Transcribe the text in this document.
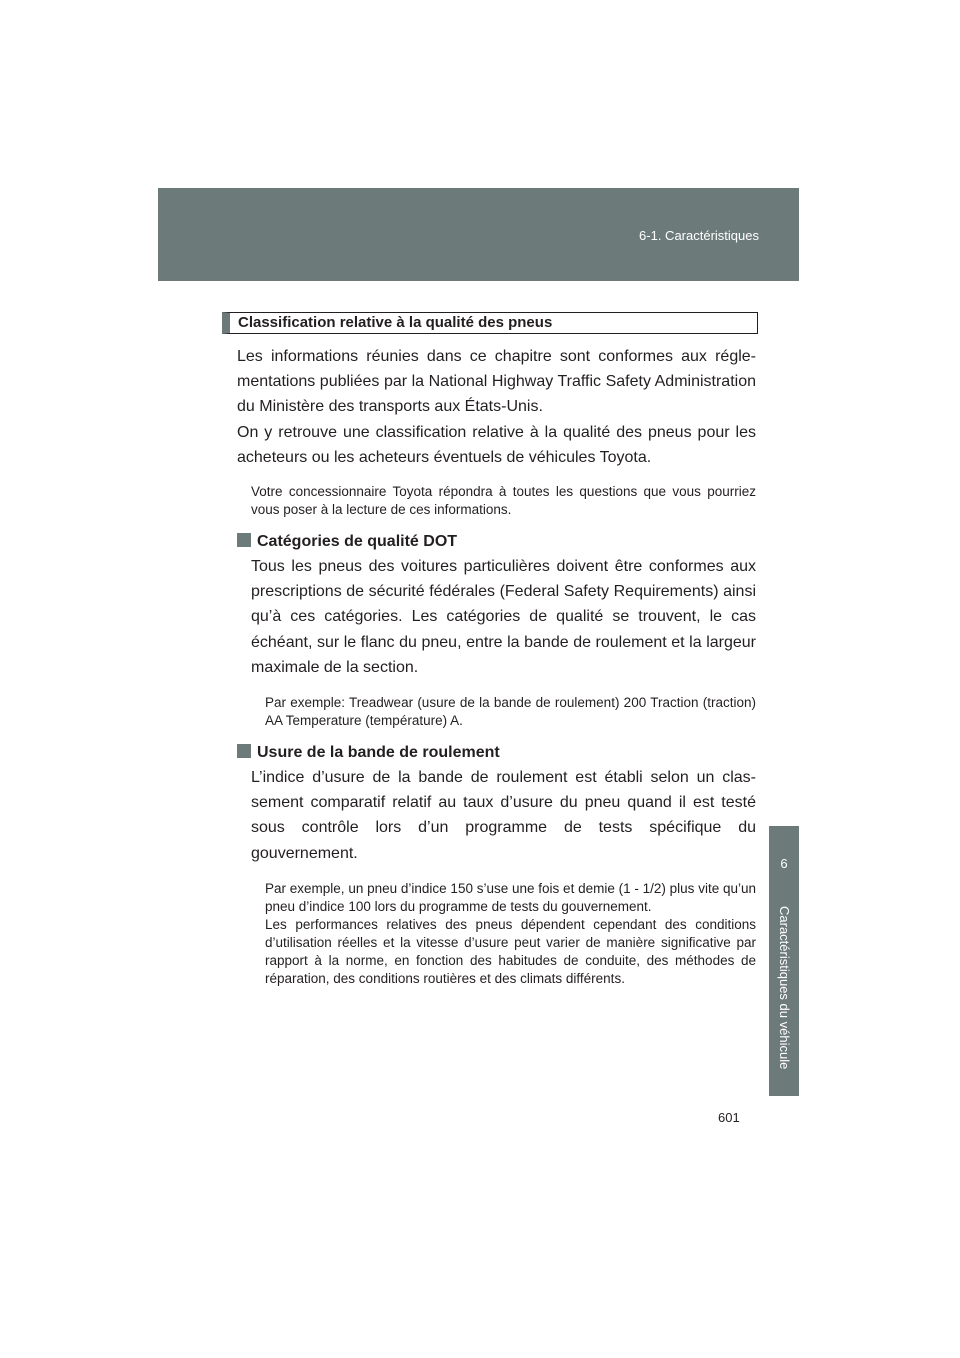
6-1. Caractéristiques

6
Caractéristiques du véhicule
Classification relative à la qualité des pneus

Les informations réunies dans ce chapitre sont conformes aux réglementations publiées par la National Highway Traffic Safety Administration du Ministère des transports aux États-Unis.

On y retrouve une classification relative à la qualité des pneus pour les acheteurs ou les acheteurs éventuels de véhicules Toyota.

Votre concessionnaire Toyota répondra à toutes les questions que vous pourriez vous poser à la lecture de ces informations.

Catégories de qualité DOT

Tous les pneus des voitures particulières doivent être conformes aux prescriptions de sécurité fédérales (Federal Safety Requirements) ainsi qu’à ces catégories. Les catégories de qualité se trouvent, le cas échéant, sur le flanc du pneu, entre la bande de roulement et la largeur maximale de la section.

Par exemple: Treadwear (usure de la bande de roulement) 200 Traction (traction) AA Temperature (température) A.

Usure de la bande de roulement

L’indice d’usure de la bande de roulement est établi selon un classement comparatif relatif au taux d’usure du pneu quand il est testé sous contrôle lors d’un programme de tests spécifique du gouvernement.

Par exemple, un pneu d’indice 150 s’use une fois et demie (1 - 1/2) plus vite qu’un pneu d’indice 100 lors du programme de tests du gouvernement.

Les performances relatives des pneus dépendent cependant des conditions d’utilisation réelles et la vitesse d’usure peut varier de manière significative par rapport à la norme, en fonction des habitudes de conduite, des méthodes de réparation, des conditions routières et des climats différents.

601
